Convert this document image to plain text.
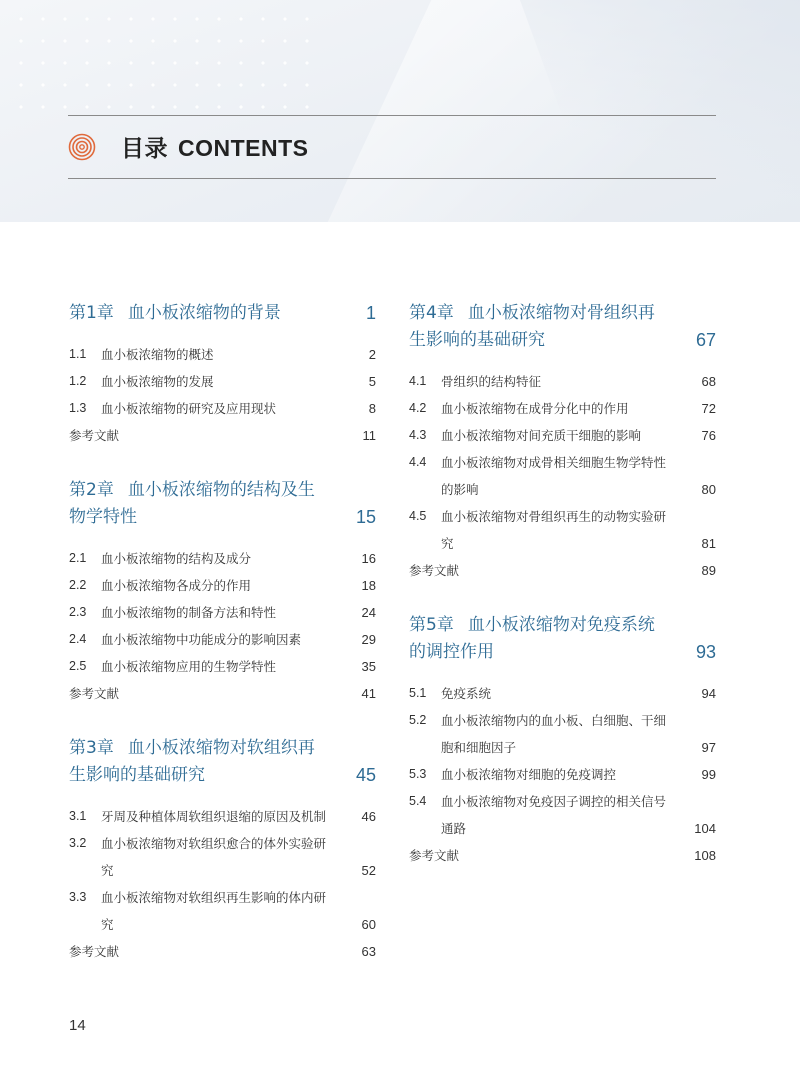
目录 CONTENTS
第1章 血小板浓缩物的背景	1
1.1	血小板浓缩物的概述	2
1.2	血小板浓缩物的发展	5
1.3	血小板浓缩物的研究及应用现状	8
参考文献	11
第2章 血小板浓缩物的结构及生物学特性	15
2.1	血小板浓缩物的结构及成分	16
2.2	血小板浓缩物各成分的作用	18
2.3	血小板浓缩物的制备方法和特性	24
2.4	血小板浓缩物中功能成分的影响因素	29
2.5	血小板浓缩物应用的生物学特性	35
参考文献	41
第3章 血小板浓缩物对软组织再生影响的基础研究	45
3.1	牙周及种植体周软组织退缩的原因及机制	46
3.2	血小板浓缩物对软组织愈合的体外实验研究	52
3.3	血小板浓缩物对软组织再生影响的体内研究	60
参考文献	63
第4章 血小板浓缩物对骨组织再生影响的基础研究	67
4.1	骨组织的结构特征	68
4.2	血小板浓缩物在成骨分化中的作用	72
4.3	血小板浓缩物对间充质干细胞的影响	76
4.4	血小板浓缩物对成骨相关细胞生物学特性的影响	80
4.5	血小板浓缩物对骨组织再生的动物实验研究	81
参考文献	89
第5章 血小板浓缩物对免疫系统的调控作用	93
5.1	免疫系统	94
5.2	血小板浓缩物内的血小板、白细胞、干细胞和细胞因子	97
5.3	血小板浓缩物对细胞的免疫调控	99
5.4	血小板浓缩物对免疫因子调控的相关信号通路	104
参考文献	108
14
